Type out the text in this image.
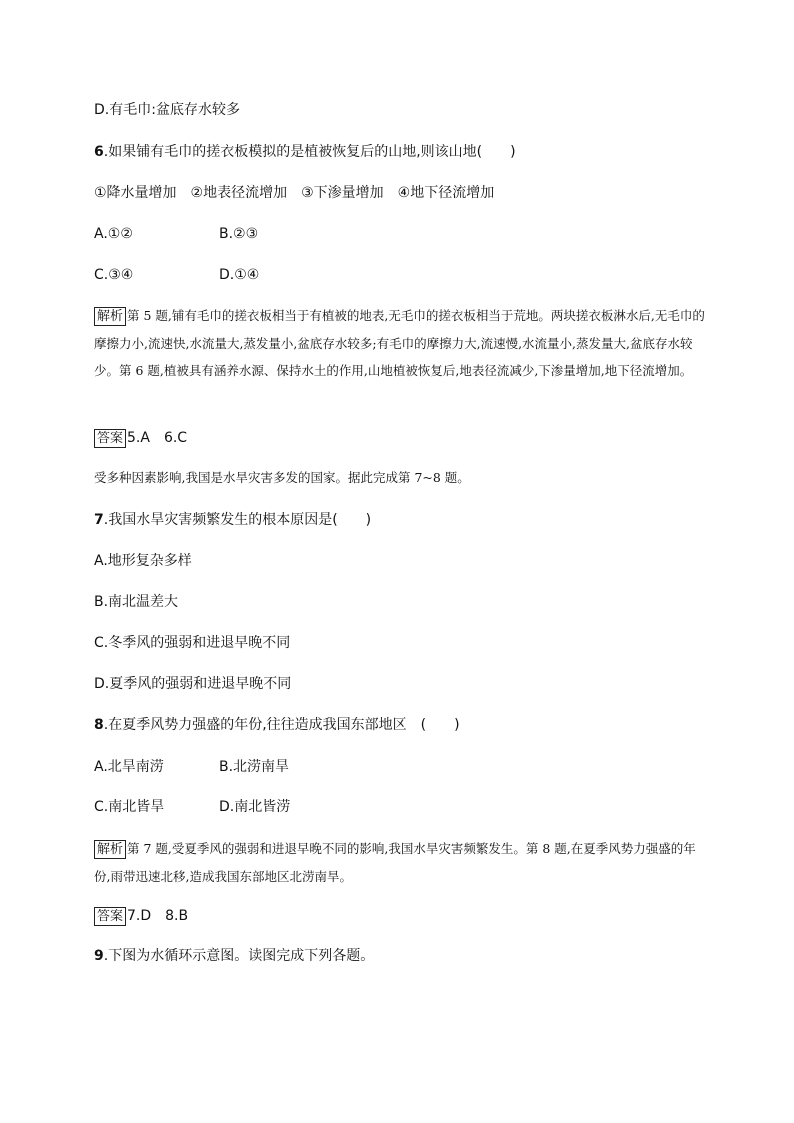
D.有毛巾:盆底存水较多
6.如果铺有毛巾的搓衣板模拟的是植被恢复后的山地,则该山地(　　)
①降水量增加　②地表径流增加　③下渗量增加　④地下径流增加
A.①②	B.②③
C.③④	D.①④
解析 第 5 题,铺有毛巾的搓衣板相当于有植被的地表,无毛巾的搓衣板相当于荒地。两块搓衣板淋水后,无毛巾的摩擦力小,流速快,水流量大,蒸发量小,盆底存水较多;有毛巾的摩擦力大,流速慢,水流量小,蒸发量大,盆底存水较少。第 6 题,植被具有涵养水源、保持水土的作用,山地植被恢复后,地表径流减少,下渗量增加,地下径流增加。
答案 5.A　6.C
受多种因素影响,我国是水旱灾害多发的国家。据此完成第 7~8 题。
7.我国水旱灾害频繁发生的根本原因是(　　)
A.地形复杂多样
B.南北温差大
C.冬季风的强弱和进退早晚不同
D.夏季风的强弱和进退早晚不同
8.在夏季风势力强盛的年份,往往造成我国东部地区　(　　)
A.北旱南涝	B.北涝南旱
C.南北皆旱	D.南北皆涝
解析 第 7 题,受夏季风的强弱和进退早晚不同的影响,我国水旱灾害频繁发生。第 8 题,在夏季风势力强盛的年份,雨带迅速北移,造成我国东部地区北涝南旱。
答案 7.D　8.B
9.下图为水循环示意图。读图完成下列各题。
